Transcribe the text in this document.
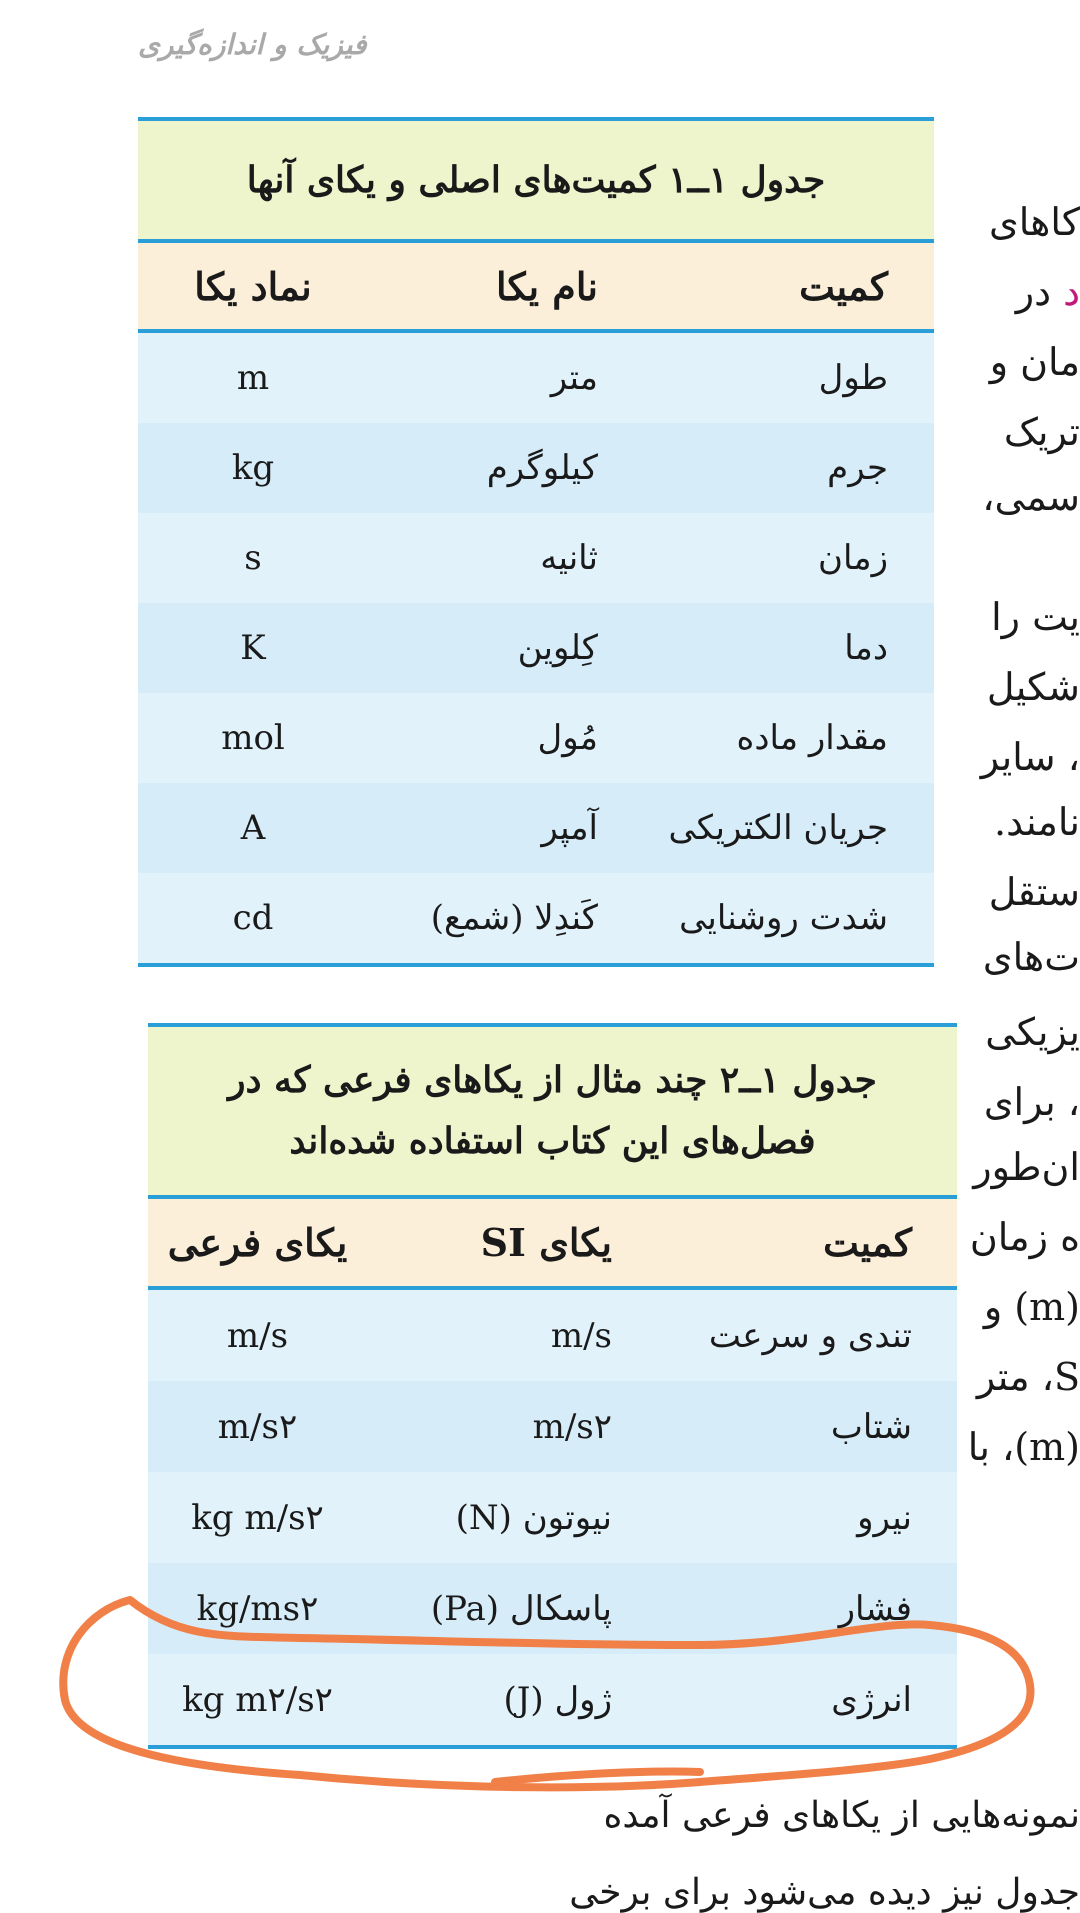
فیزیک و اندازه‌گیری
کاهای
د در
مان و
تریک
سمی،
یت را
شکیل
، سایر
نامند.
ستقل
ت‌های
یزیکی
، برای
ان‌طور
ه زمان
(m) و
S، متر
(m)، با
جدول ۱ــ۱ کمیت‌های اصلی و یکای آنها
کمیت
نام یکا
نماد یکا
طول
متر
m
جرم
کیلوگرم
kg
زمان
ثانیه
s
دما
کِلوین
K
مقدار ماده
مُول
mol
جریان الکتریکی
آمپر
A
شدت روشنایی
کَندِلا (شمع)
cd
جدول ۱ــ۲ چند مثال از یکاهای فرعی که در
فصل‌های این کتاب استفاده شده‌اند
کمیت
یکای SI
یکای فرعی
تندی و سرعت
m/s
m/s
شتاب
m/s۲
m/s۲
نیرو
نیوتون (N)
kg m/s۲
فشار
پاسکال (Pa)
kg/ms۲
انرژی
ژول (J)
kg m۲/s۲
نمونه‌هایی از یکاهای فرعی آمده
جدول نیز دیده می‌شود برای برخی
